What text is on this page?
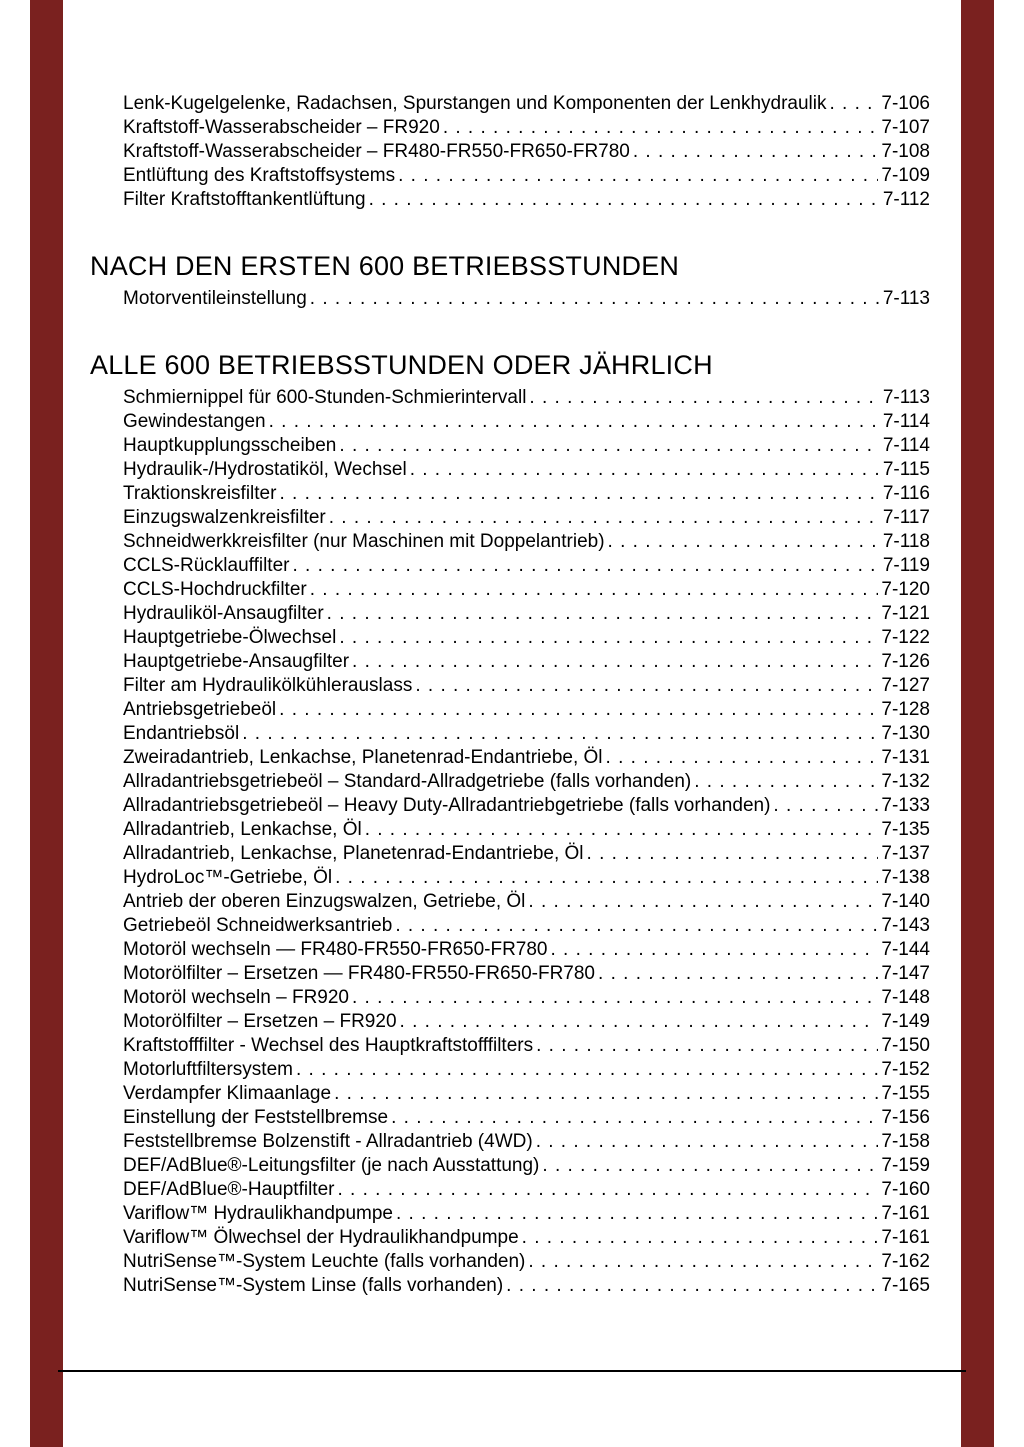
Lenk-Kugelgelenke, Radachsen, Spurstangen und Komponenten der Lenkhydraulik . . .	7-106
Kraftstoff-Wasserabscheider – FR920 . . .	7-107
Kraftstoff-Wasserabscheider – FR480-FR550-FR650-FR780 . . .	7-108
Entlüftung des Kraftstoffsystems . . .	7-109
Filter Kraftstofftankentlüftung . . .	7-112
NACH DEN ERSTEN 600 BETRIEBSSTUNDEN
Motorventileinstellung . . .	7-113
ALLE 600 BETRIEBSSTUNDEN ODER JÄHRLICH
Schmiernippel für 600-Stunden-Schmierintervall . . .	7-113
Gewindestangen . . .	7-114
Hauptkupplungsscheiben . . .	7-114
Hydraulik-/Hydrostatiköl, Wechsel . . .	7-115
Traktionskreisfilter . . .	7-116
Einzugswalzenkreisfilter . . .	7-117
Schneidwerkkreisfilter (nur Maschinen mit Doppelantrieb) . . .	7-118
CCLS-Rücklauffilter . . .	7-119
CCLS-Hochdruckfilter . . .	7-120
Hydrauliköl-Ansaugfilter . . .	7-121
Hauptgetriebe-Ölwechsel . . .	7-122
Hauptgetriebe-Ansaugfilter . . .	7-126
Filter am Hydraulikölkühlerauslass . . .	7-127
Antriebsgetriebeöl . . .	7-128
Endantriebsöl . . .	7-130
Zweiradantrieb, Lenkachse, Planetenrad-Endantriebe, Öl . . .	7-131
Allradantriebsgetriebeöl – Standard-Allradgetriebe (falls vorhanden) . . .	7-132
Allradantriebsgetriebeöl – Heavy Duty-Allradantriebgetriebe (falls vorhanden) . . .	7-133
Allradantrieb, Lenkachse, Öl . . .	7-135
Allradantrieb, Lenkachse, Planetenrad-Endantriebe, Öl . . .	7-137
HydroLoc™-Getriebe, Öl . . .	7-138
Antrieb der oberen Einzugswalzen, Getriebe, Öl . . .	7-140
Getriebeöl Schneidwerksantrieb . . .	7-143
Motoröl wechseln — FR480-FR550-FR650-FR780 . . .	7-144
Motorölfilter – Ersetzen — FR480-FR550-FR650-FR780 . . .	7-147
Motoröl wechseln – FR920 . . .	7-148
Motorölfilter – Ersetzen – FR920 . . .	7-149
Kraftstofffilter - Wechsel des Hauptkraftstofffilters . . .	7-150
Motorluftfiltersystem . . .	7-152
Verdampfer Klimaanlage . . .	7-155
Einstellung der Feststellbremse . . .	7-156
Feststellbremse Bolzenstift - Allradantrieb (4WD) . . .	7-158
DEF/AdBlue®-Leitungsfilter (je nach Ausstattung) . . .	7-159
DEF/AdBlue®-Hauptfilter . . .	7-160
Variflow™ Hydraulikhandpumpe . . .	7-161
Variflow™ Ölwechsel der Hydraulikhandpumpe . . .	7-161
NutriSense™-System Leuchte (falls vorhanden) . . .	7-162
NutriSense™-System Linse (falls vorhanden) . . .	7-165
